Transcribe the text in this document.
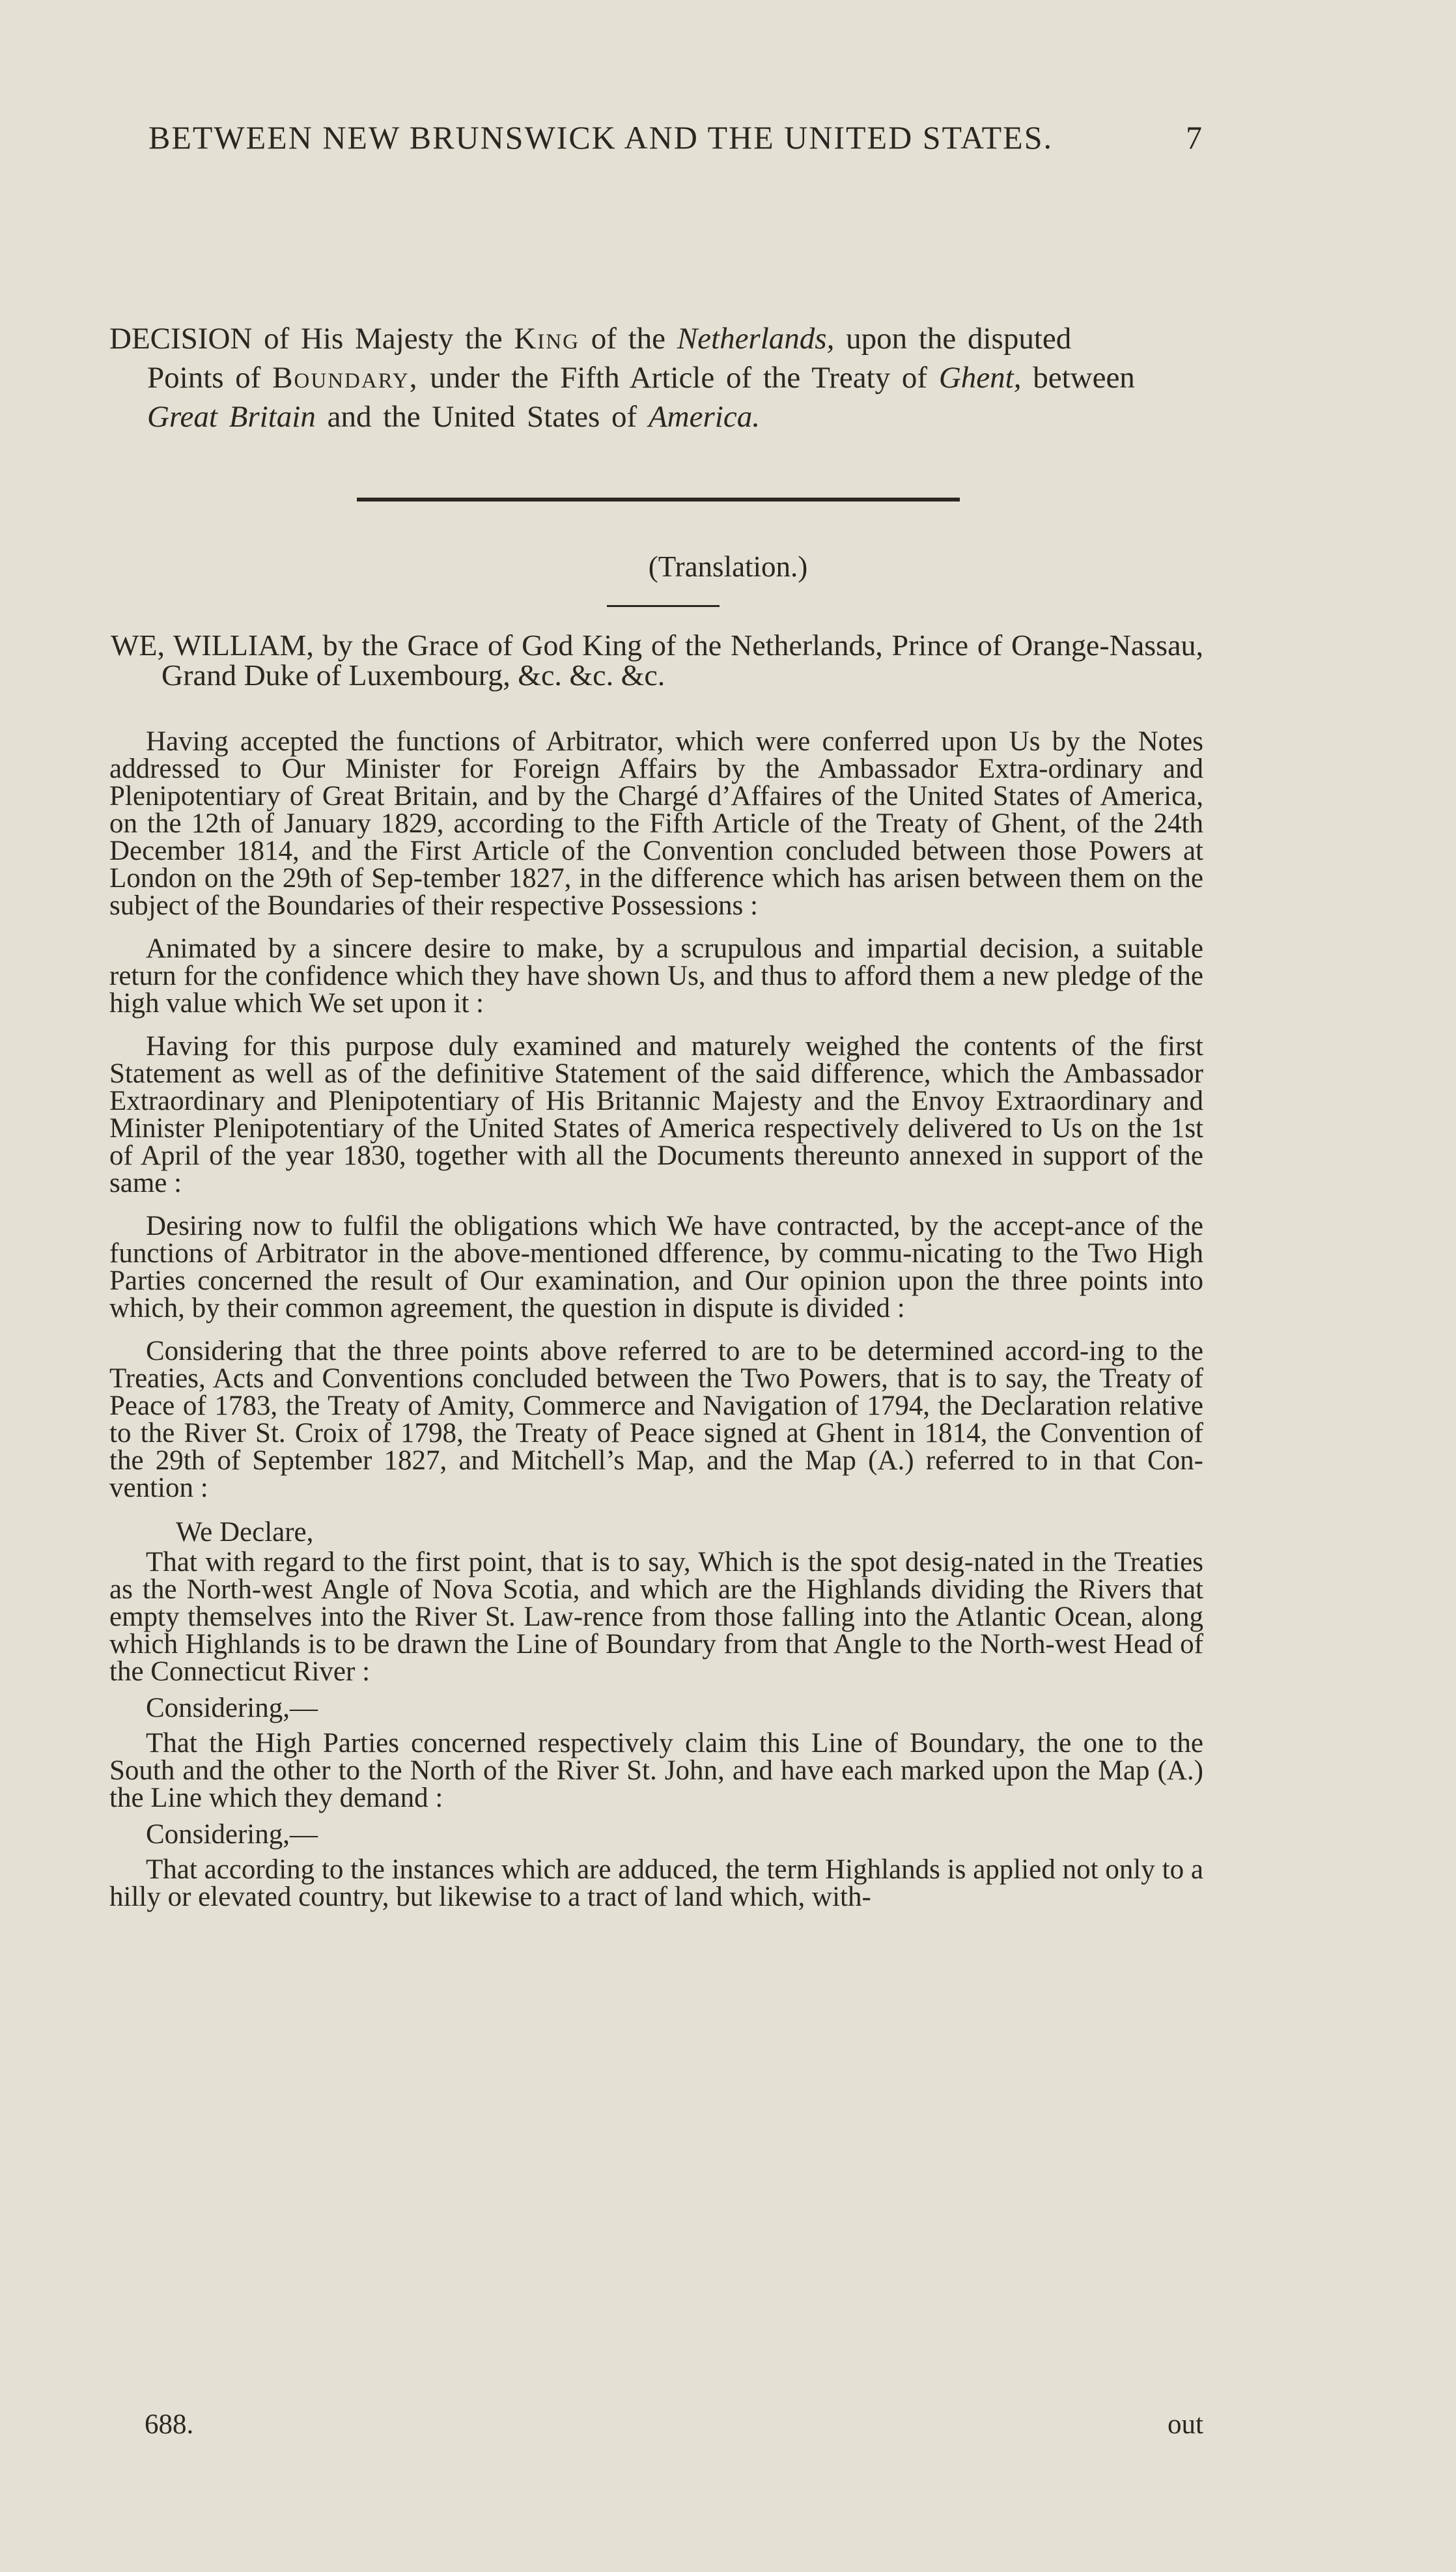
BETWEEN NEW BRUNSWICK AND THE UNITED STATES.	7
DECISION of His Majesty the King of the Netherlands, upon the disputed
Points of Boundary, under the Fifth Article of the Treaty of Ghent, between
Great Britain and the United States of America.
(Translation.)

WE, WILLIAM, by the Grace of God King of the Netherlands, Prince of Orange-Nassau, Grand Duke of Luxembourg, &c. &c. &c.

Having accepted the functions of Arbitrator, which were conferred upon Us by the Notes addressed to Our Minister for Foreign Affairs by the Ambassador Extra-ordinary and Plenipotentiary of Great Britain, and by the Chargé d’Affaires of the United States of America, on the 12th of January 1829, according to the Fifth Article of the Treaty of Ghent, of the 24th December 1814, and the First Article of the Convention concluded between those Powers at London on the 29th of Sep-tember 1827, in the difference which has arisen between them on the subject of the Boundaries of their respective Possessions :

Animated by a sincere desire to make, by a scrupulous and impartial decision, a suitable return for the confidence which they have shown Us, and thus to afford them a new pledge of the high value which We set upon it :

Having for this purpose duly examined and maturely weighed the contents of the first Statement as well as of the definitive Statement of the said difference, which the Ambassador Extraordinary and Plenipotentiary of His Britannic Majesty and the Envoy Extraordinary and Minister Plenipotentiary of the United States of America respectively delivered to Us on the 1st of April of the year 1830, together with all the Documents thereunto annexed in support of the same :

Desiring now to fulfil the obligations which We have contracted, by the accept-ance of the functions of Arbitrator in the above-mentioned dfference, by commu-nicating to the Two High Parties concerned the result of Our examination, and Our opinion upon the three points into which, by their common agreement, the question in dispute is divided :

Considering that the three points above referred to are to be determined accord-ing to the Treaties, Acts and Conventions concluded between the Two Powers, that is to say, the Treaty of Peace of 1783, the Treaty of Amity, Commerce and Navigation of 1794, the Declaration relative to the River St. Croix of 1798, the Treaty of Peace signed at Ghent in 1814, the Convention of the 29th of September 1827, and Mitchell’s Map, and the Map (A.) referred to in that Con-vention :

We Declare,

That with regard to the first point, that is to say, Which is the spot desig-nated in the Treaties as the North-west Angle of Nova Scotia, and which are the Highlands dividing the Rivers that empty themselves into the River St. Law-rence from those falling into the Atlantic Ocean, along which Highlands is to be drawn the Line of Boundary from that Angle to the North-west Head of the Connecticut River :

Considering,—

That the High Parties concerned respectively claim this Line of Boundary, the one to the South and the other to the North of the River St. John, and have each marked upon the Map (A.) the Line which they demand :

Considering,—

That according to the instances which are adduced, the term Highlands is applied not only to a hilly or elevated country, but likewise to a tract of land which, with-

688.	out
